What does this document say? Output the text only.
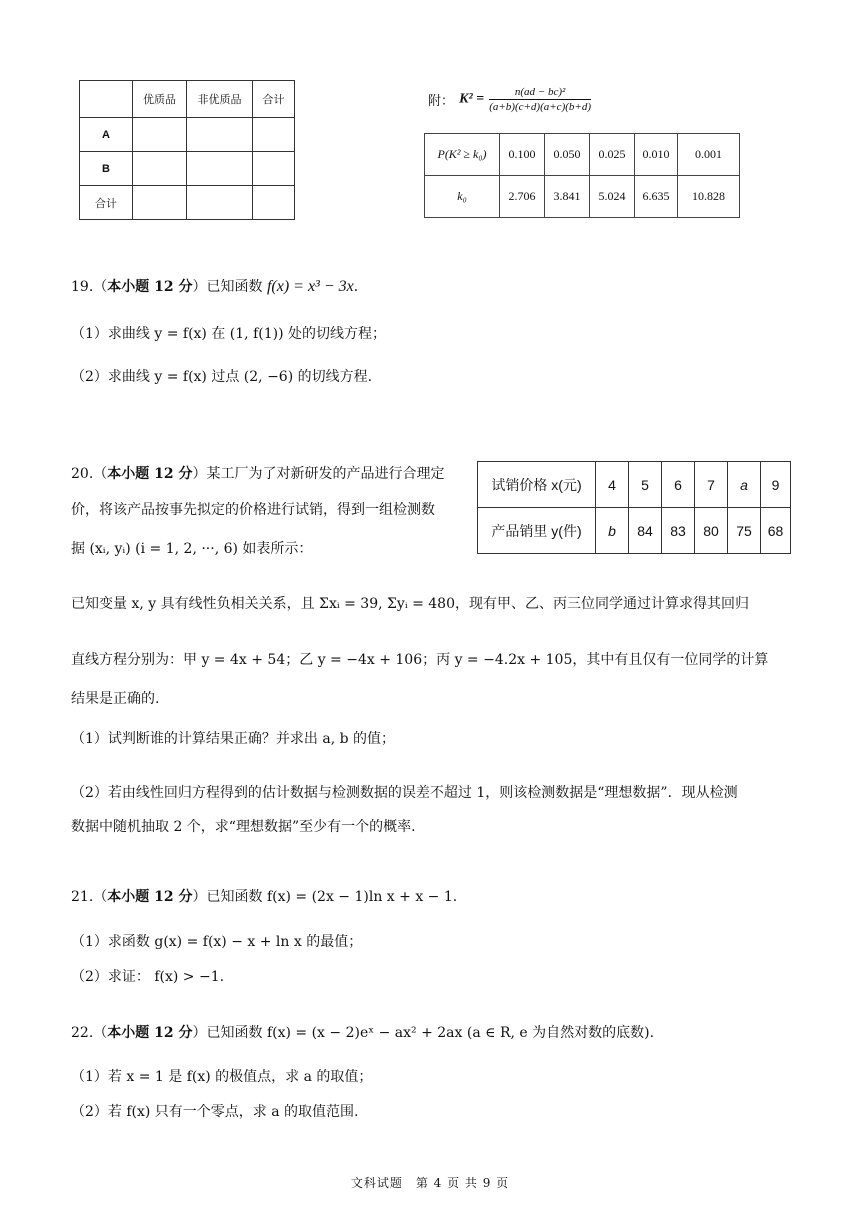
	优质品	非优质品	合计
A			
B			
合计			
附： $K^2 = \frac{\text{n(ad − bc)²}}{(a+b)(c+d)(a+c)(b+d)}$
P(K² ≥ k₀)	0.100	0.050	0.025	0.010	0.001
k₀	2.706	3.841	5.024	6.635	10.828
19.（本小题 12 分）已知函数 f(x) = x³ − 3x．
（1）求曲线 y = f(x) 在 (1, f(1)) 处的切线方程；
（2）求曲线 y = f(x) 过点 (2, −6) 的切线方程.
20.（本小题 12 分）某工厂为了对新研发的产品进行合理定
价，将该产品按事先拟定的价格进行试销，得到一组检测数
据 (xᵢ, yᵢ) (i = 1, 2, ···, 6) 如表所示：
试销价格 x(元)	4	5	6	7	a	9
产品销里 y(件)	b	84	83	80	75	68
已知变量 x, y 具有线性负相关关系，且 Σxᵢ = 39, Σyᵢ = 480，现有甲、乙、丙三位同学通过计算求得其回归
直线方程分别为：甲 y = 4x + 54；乙 y = −4x + 106；丙 y = −4.2x + 105，其中有且仅有一位同学的计算
结果是正确的.
（1）试判断谁的计算结果正确？并求出 a, b 的值；
（2）若由线性回归方程得到的估计数据与检测数据的误差不超过 1，则该检测数据是“理想数据”．现从检测
数据中随机抽取 2 个，求“理想数据”至少有一个的概率.
21.（本小题 12 分）已知函数 f(x) = (2x − 1)ln x + x − 1.
（1）求函数 g(x) = f(x) − x + ln x 的最值；
（2）求证： f(x) > −1.
22.（本小题 12 分）已知函数 f(x) = (x − 2)eˣ − ax² + 2ax (a ∈ R, e 为自然对数的底数).
（1）若 x = 1 是 f(x) 的极值点，求 a 的取值；
（2）若 f(x) 只有一个零点，求 a 的取值范围.
文科试题　第 4 页 共 9 页
